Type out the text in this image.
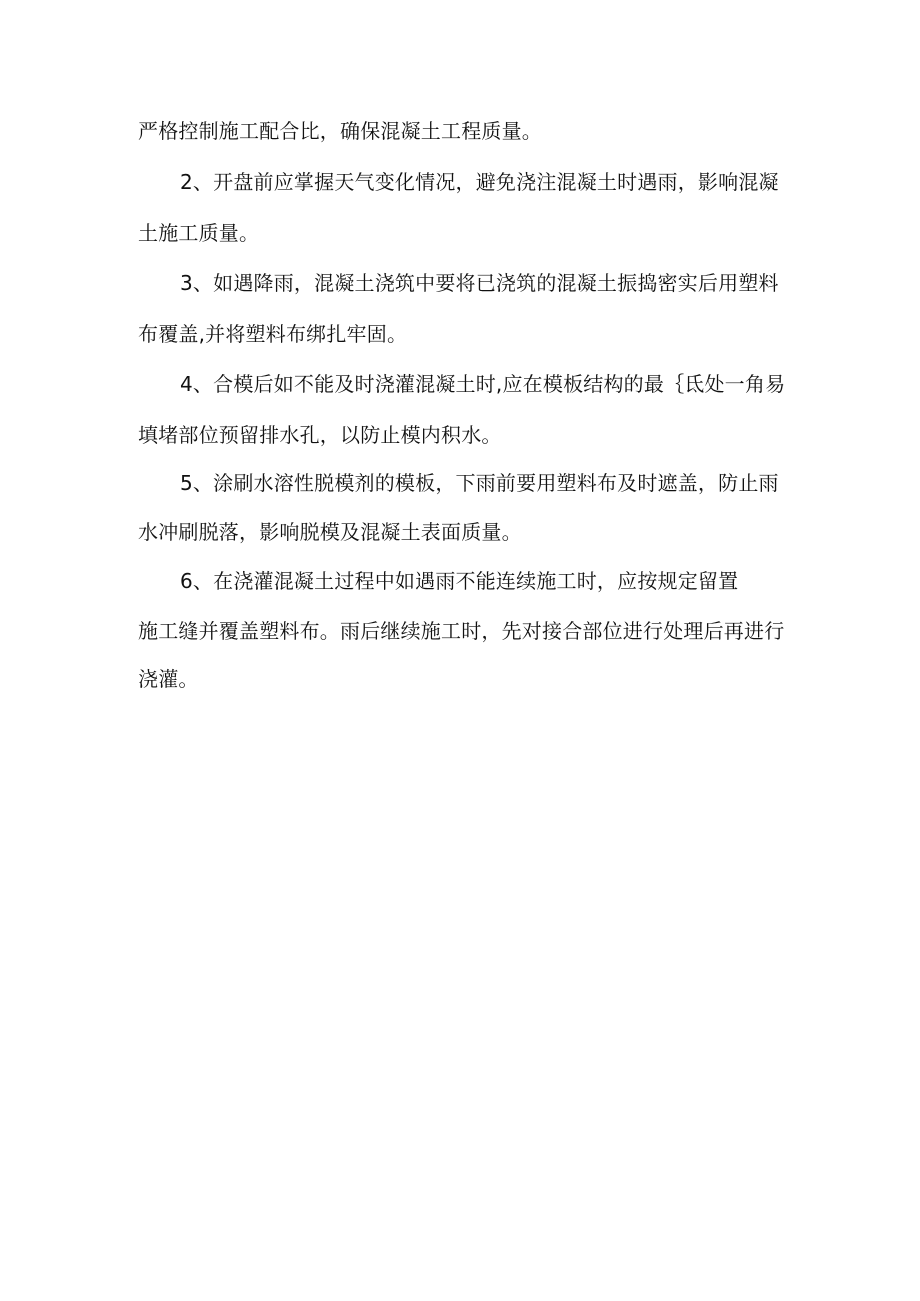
严格控制施工配合比，确保混凝土工程质量。
2、开盘前应掌握天气变化情况，避免浇注混凝土时遇雨，影响混凝
土施工质量。
3、如遇降雨，混凝土浇筑中要将已浇筑的混凝土振捣密实后用塑料
布覆盖,并将塑料布绑扎牢固。
4、合模后如不能及时浇灌混凝土时,应在模板结构的最｛氐处一角易
填堵部位预留排水孔，以防止模内积水。
5、涂刷水溶性脱模剂的模板，下雨前要用塑料布及时遮盖，防止雨
水冲刷脱落，影响脱模及混凝土表面质量。
6、在浇灌混凝土过程中如遇雨不能连续施工时，应按规定留置
施工缝并覆盖塑料布。雨后继续施工时，先对接合部位进行处理后再进行
浇灌。
